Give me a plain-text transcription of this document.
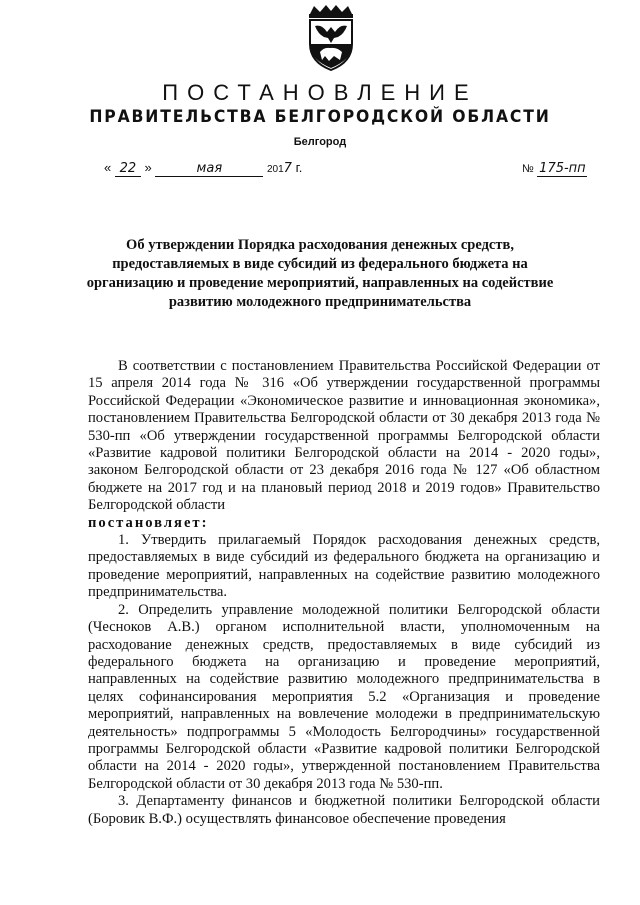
ПОСТАНОВЛЕНИЕ
ПРАВИТЕЛЬСТВА БЕЛГОРОДСКОЙ ОБЛАСТИ
Белгород
« 22 »	мая	2017 г.	№ 175-пп
Об утверждении Порядка расходования денежных средств, предоставляемых в виде субсидий из федерального бюджета на организацию и проведение мероприятий, направленных на содействие развитию молодежного предпринимательства

В соответствии с постановлением Правительства Российской Федерации от 15 апреля 2014 года № 316 «Об утверждении государственной программы Российской Федерации «Экономическое развитие и инновационная экономика», постановлением Правительства Белгородской области от 30 декабря 2013 года № 530-пп «Об утверждении государственной программы Белгородской области «Развитие кадровой политики Белгородской области на 2014 - 2020 годы», законом Белгородской области от 23 декабря 2016 года № 127 «Об областном бюджете на 2017 год и на плановый период 2018 и 2019 годов» Правительство Белгородской области

постановляет:

1. Утвердить прилагаемый Порядок расходования денежных средств, предоставляемых в виде субсидий из федерального бюджета на организацию и проведение мероприятий, направленных на содействие развитию молодежного предпринимательства.

2. Определить управление молодежной политики Белгородской области (Чесноков А.В.) органом исполнительной власти, уполномоченным на расходование денежных средств, предоставляемых в виде субсидий из федерального бюджета на организацию и проведение мероприятий, направленных на содействие развитию молодежного предпринимательства в целях софинансирования мероприятия 5.2 «Организация и проведение мероприятий, направленных на вовлечение молодежи в предпринимательскую деятельность» подпрограммы 5 «Молодость Белгородчины» государственной программы Белгородской области «Развитие кадровой политики Белгородской области на 2014 - 2020 годы», утвержденной постановлением Правительства Белгородской области от 30 декабря 2013 года № 530-пп.

3. Департаменту финансов и бюджетной политики Белгородской области (Боровик В.Ф.) осуществлять финансовое обеспечение проведения
